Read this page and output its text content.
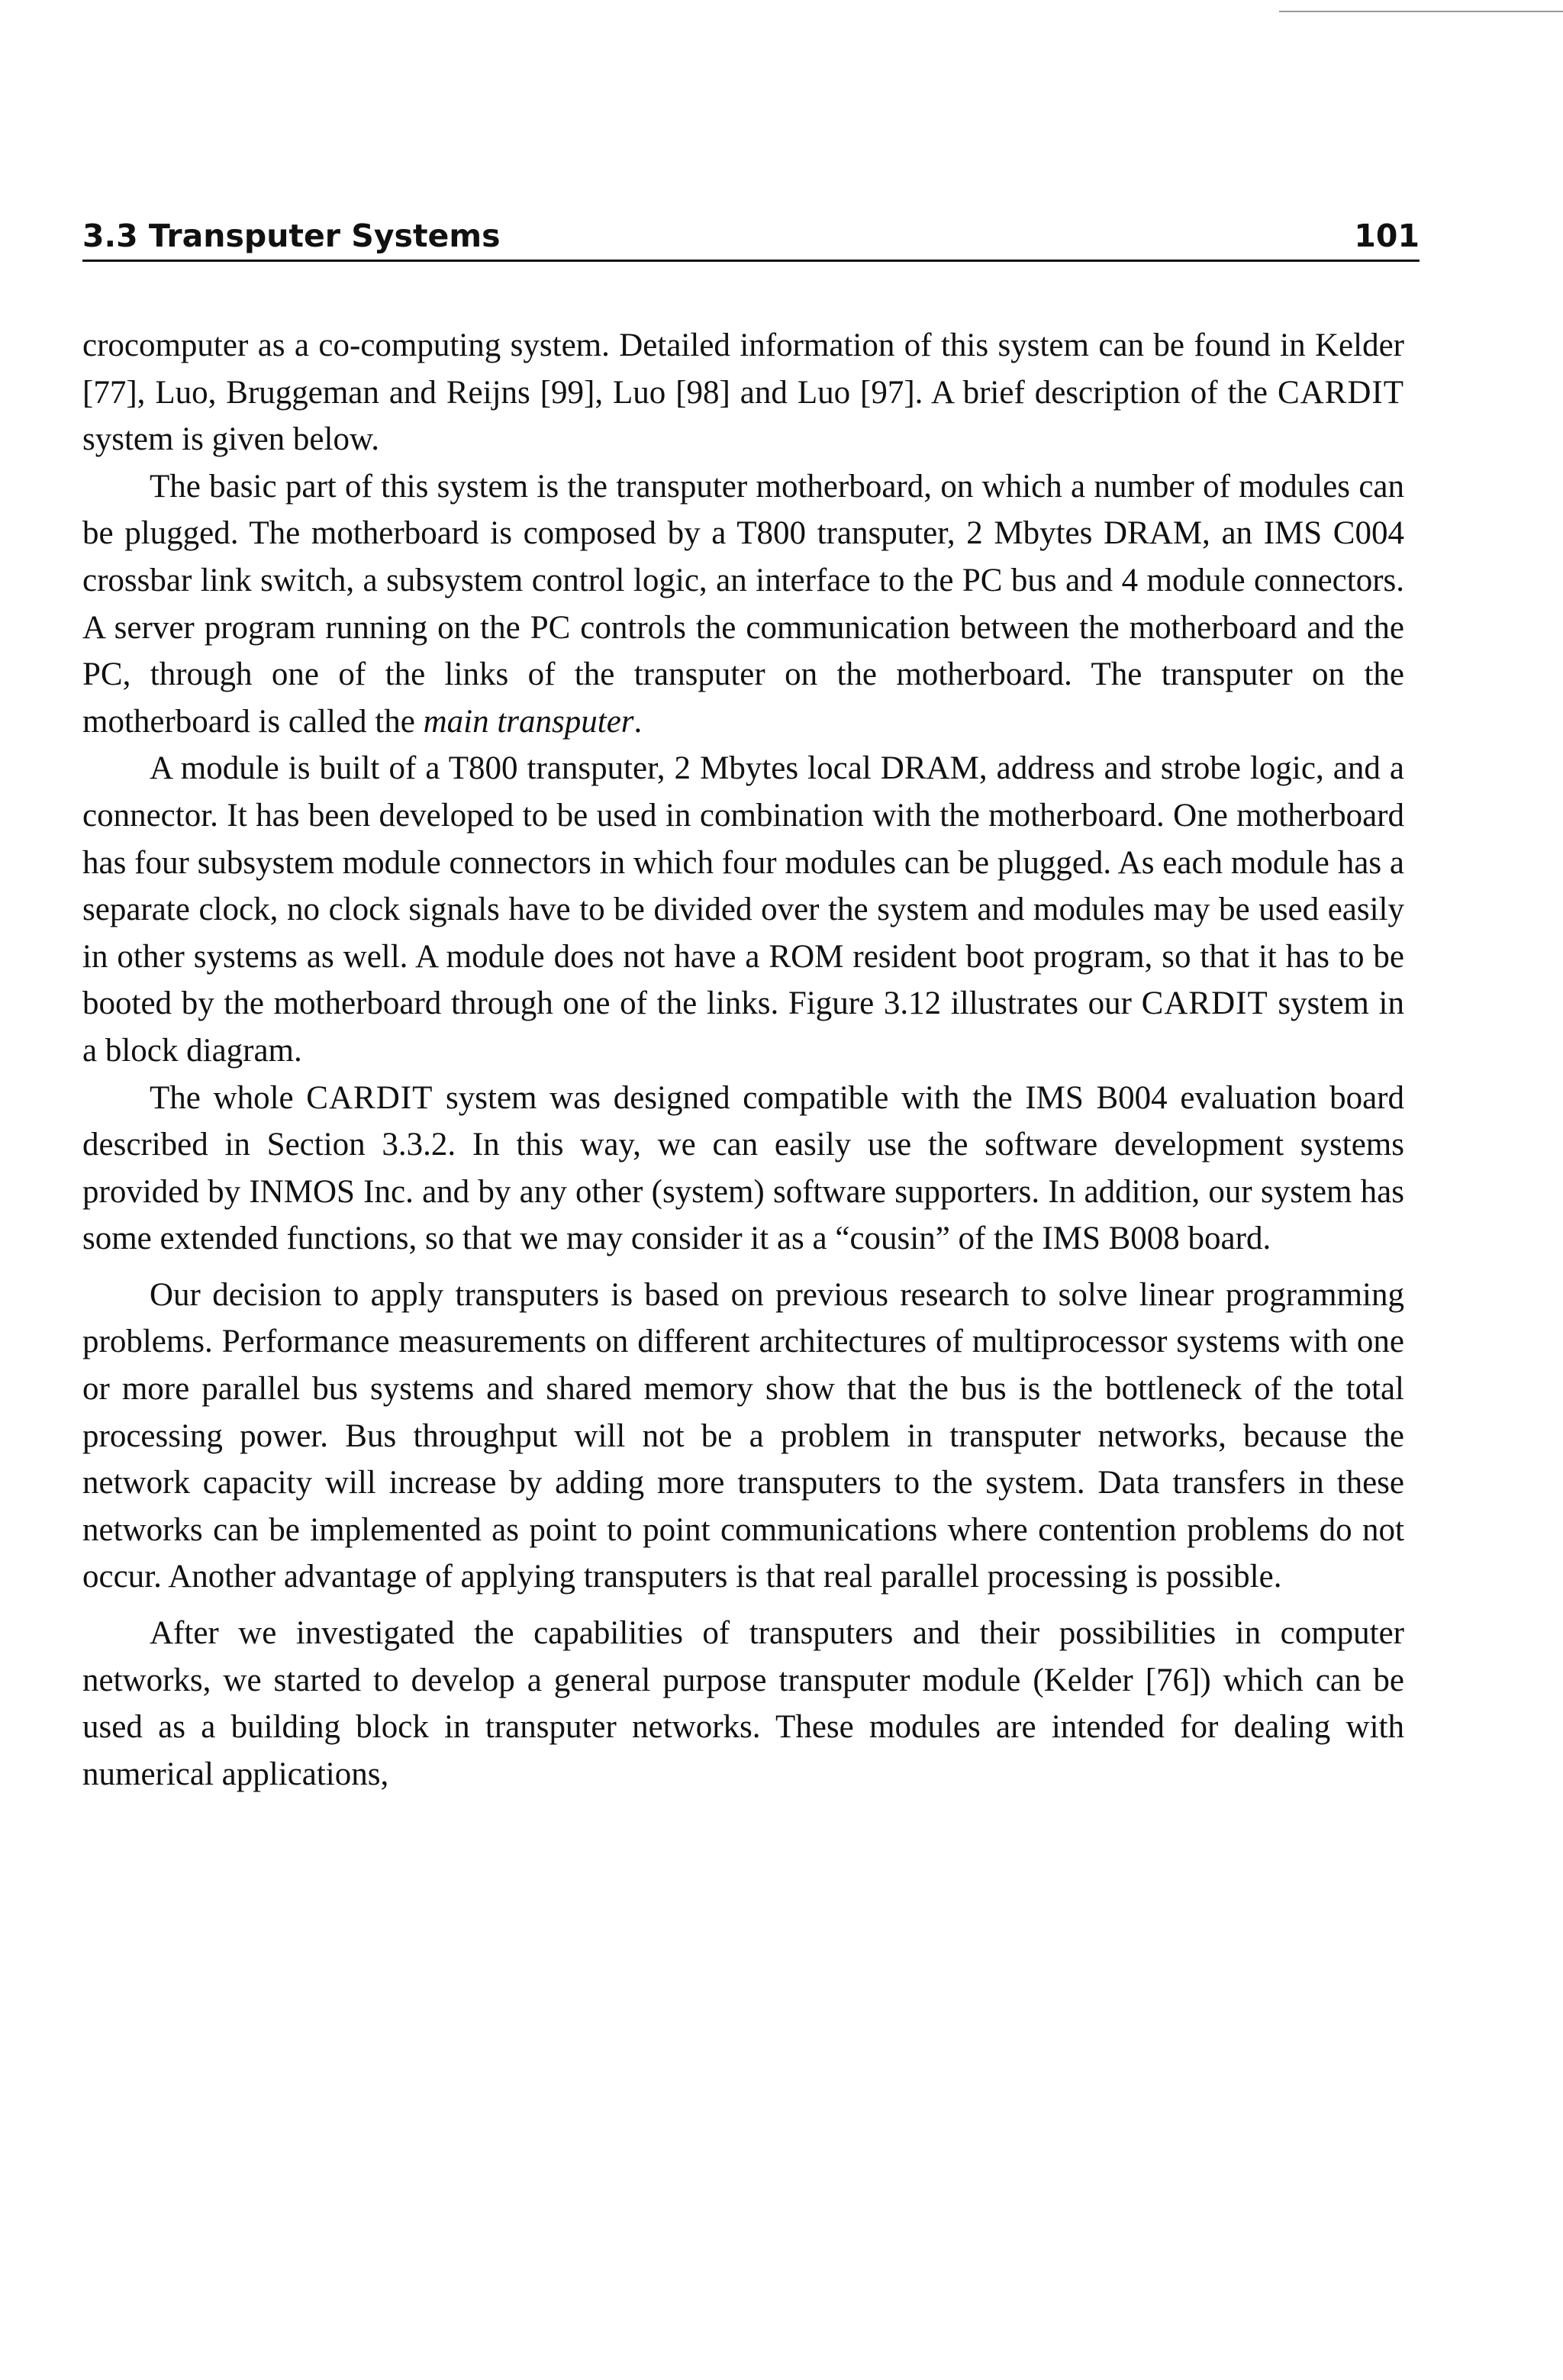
3.3 Transputer Systems	101

crocomputer as a co-computing system. Detailed information of this system can be found in Kelder [77], Luo, Bruggeman and Reijns [99], Luo [98] and Luo [97]. A brief description of the CARDIT system is given below.

The basic part of this system is the transputer motherboard, on which a number of modules can be plugged. The motherboard is composed by a T800 transputer, 2 Mbytes DRAM, an IMS C004 crossbar link switch, a subsystem control logic, an interface to the PC bus and 4 module connectors. A server program running on the PC controls the communication between the motherboard and the PC, through one of the links of the transputer on the motherboard. The transputer on the motherboard is called the main transputer.

A module is built of a T800 transputer, 2 Mbytes local DRAM, address and strobe logic, and a connector. It has been developed to be used in combination with the motherboard. One motherboard has four subsystem module connectors in which four modules can be plugged. As each module has a separate clock, no clock signals have to be divided over the system and modules may be used easily in other systems as well. A module does not have a ROM resident boot program, so that it has to be booted by the motherboard through one of the links. Figure 3.12 illustrates our CARDIT system in a block diagram.

The whole CARDIT system was designed compatible with the IMS B004 evaluation board described in Section 3.3.2. In this way, we can easily use the software development systems provided by INMOS Inc. and by any other (system) software supporters. In addition, our system has some extended functions, so that we may consider it as a “cousin” of the IMS B008 board.

Our decision to apply transputers is based on previous research to solve linear programming problems. Performance measurements on different architectures of multiprocessor systems with one or more parallel bus systems and shared memory show that the bus is the bottleneck of the total processing power. Bus throughput will not be a problem in transputer networks, because the network capacity will increase by adding more transputers to the system. Data transfers in these networks can be implemented as point to point communications where contention problems do not occur. Another advantage of applying transputers is that real parallel processing is possible.

After we investigated the capabilities of transputers and their possibilities in computer networks, we started to develop a general purpose transputer module (Kelder [76]) which can be used as a building block in transputer networks. These modules are intended for dealing with numerical applications,
